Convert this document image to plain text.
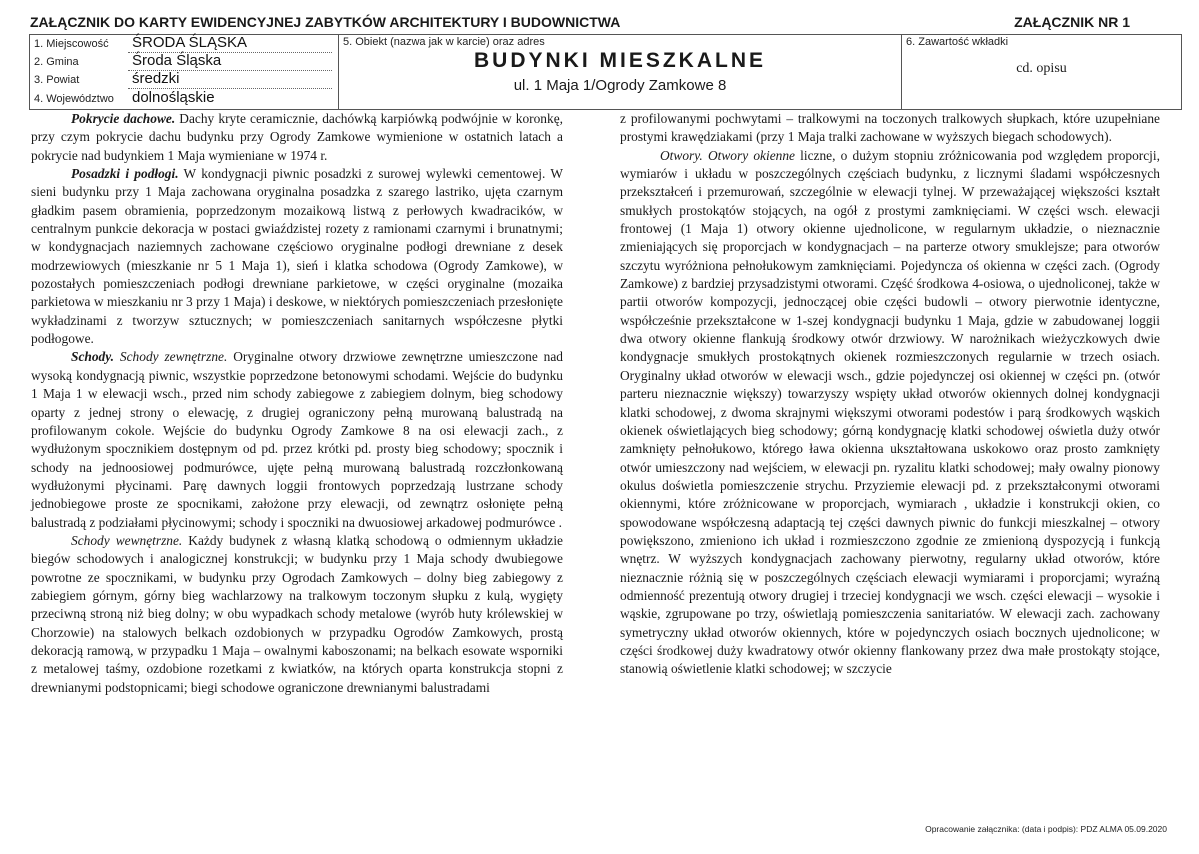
ZAŁĄCZNIK DO KARTY EWIDENCYJNEJ ZABYTKÓW ARCHITEKTURY I BUDOWNICTWA	ZAŁĄCZNIK NR 1
1. Miejscowość ŚRODA ŚLĄSKA
2. Gmina	Środa Śląska
3. Powiat	średzki
4. Województwo dolnośląskie
5. Obiekt (nazwa jak w karcie) oraz adres
BUDYNKI MIESZKALNE
ul. 1 Maja 1/Ogrody Zamkowe 8
6. Zawartość wkładki
cd. opisu

Pokrycie dachowe. Dachy kryte ceramicznie, dachówką karpiówką podwójnie w koronkę, przy czym pokrycie dachu budynku przy Ogrody Zamkowe wymienione w ostatnich latach a pokrycie nad budynkiem 1 Maja wymieniane w 1974 r.

Posadzki i podłogi. W kondygnacji piwnic posadzki z surowej wylewki cementowej. W sieni budynku przy 1 Maja zachowana oryginalna posadzka z szarego lastriko, ujęta czarnym gładkim pasem obramienia, poprzedzonym mozaikową listwą z perłowych kwadracików, w centralnym punkcie dekoracja w postaci gwiaździstej rozety z ramionami czarnymi i brunatnymi; w kondygnacjach naziemnych zachowane częściowo oryginalne podłogi drewniane z desek modrzewiowych (mieszkanie nr 5 1 Maja 1), sień i klatka schodowa (Ogrody Zamkowe), w pozostałych pomieszczeniach podłogi drewniane parkietowe, w części oryginalne (mozaika parkietowa w mieszkaniu nr 3 przy 1 Maja) i deskowe, w niektórych pomieszczeniach przesłonięte wykładzinami z tworzyw sztucznych; w pomieszczeniach sanitarnych współczesne płytki podłogowe.

Schody. Schody zewnętrzne. Oryginalne otwory drzwiowe zewnętrzne umieszczone nad wysoką kondygnacją piwnic, wszystkie poprzedzone betonowymi schodami. Wejście do budynku 1 Maja 1 w elewacji wsch., przed nim schody zabiegowe z zabiegiem dolnym, bieg schodowy oparty z jednej strony o elewację, z drugiej ograniczony pełną murowaną balustradą na profilowanym cokole. Wejście do budynku Ogrody Zamkowe 8 na osi elewacji zach., z wydłużonym spocznikiem dostępnym od pd. przez krótki pd. prosty bieg schodowy; spocznik i schody na jednoosiowej podmurówce, ujęte pełną murowaną balustradą rozczłonkowaną wydłużonymi płycinami. Parę dawnych loggii frontowych poprzedzają lustrzane schody jednobiegowe proste ze spocnikami, założone przy elewacji, od zewnątrz osłonięte pełną balustradą z podziałami płycinowymi; schody i spoczniki na dwuosiowej arkadowej podmurówce .

Schody wewnętrzne. Każdy budynek z własną klatką schodową o odmiennym układzie biegów schodowych i analogicznej konstrukcji; w budynku przy 1 Maja schody dwubiegowe powrotne ze spocznikami, w budynku przy Ogrodach Zamkowych – dolny bieg zabiegowy z zabiegiem górnym, górny bieg wachlarzowy na tralkowym toczonym słupku z kulą, wygięty przeciwną stroną niż bieg dolny; w obu wypadkach schody metalowe (wyrób huty królewskiej w Chorzowie) na stalowych belkach ozdobionych w przypadku Ogrodów Zamkowych, prostą dekoracją ramową, w przypadku 1 Maja – owalnymi kaboszonami; na belkach esowate wsporniki z metalowej taśmy, ozdobione rozetkami z kwiatków, na których oparta konstrukcja stopni z drewnianymi podstopnicami; biegi schodowe ograniczone drewnianymi balustradami

z profilowanymi pochwytami – tralkowymi na toczonych tralkowych słupkach, które uzupełniane prostymi krawędziakami (przy 1 Maja tralki zachowane w wyższych biegach schodowych).

Otwory. Otwory okienne liczne, o dużym stopniu zróżnicowania pod względem proporcji, wymiarów i układu w poszczególnych częściach budynku, z licznymi śladami współczesnych przekształceń i przemurowań, szczególnie w elewacji tylnej. W przeważającej większości kształt smukłych prostokątów stojących, na ogół z prostymi zamknięciami. W części wsch. elewacji frontowej (1 Maja 1) otwory okienne ujednolicone, w regularnym układzie, o nieznacznie zmieniających się proporcjach w kondygnacjach – na parterze otwory smuklejsze; para otworów szczytu wyróżniona pełnołukowym zamknięciami. Pojedyncza oś okienna w części zach. (Ogrody Zamkowe) z bardziej przysadzistymi otworami. Część środkowa 4-osiowa, o ujednoliconej, także w partii otworów kompozycji, jednoczącej obie części budowli – otwory pierwotnie identyczne, współcześnie przekształcone w 1-szej kondygnacji budynku 1 Maja, gdzie w zabudowanej loggii dwa otwory okienne flankują środkowy otwór drzwiowy. W narożnikach wieżyczkowych dwie kondygnacje smukłych prostokątnych okienek rozmieszczonych regularnie w trzech osiach. Oryginalny układ otworów w elewacji wsch., gdzie pojedynczej osi okiennej w części pn. (otwór parteru nieznacznie większy) towarzyszy wspięty układ otworów okiennych dolnej kondygnacji klatki schodowej, z dwoma skrajnymi większymi otworami podestów i parą środkowych wąskich okienek oświetlających bieg schodowy; górną kondygnację klatki schodowej oświetla duży otwór zamknięty pełnołukowo, którego ława okienna ukształtowana uskokowo oraz prosto zamknięty otwór umieszczony nad wejściem, w elewacji pn. ryzalitu klatki schodowej; mały owalny pionowy okulus doświetla pomieszczenie strychu. Przyziemie elewacji pd. z przekształconymi otworami okiennymi, które zróżnicowane w proporcjach, wymiarach , układzie i konstrukcji okien, co spowodowane współczesną adaptacją tej części dawnych piwnic do funkcji mieszkalnej – otwory powiększono, zmieniono ich układ i rozmieszczono zgodnie ze zmienioną dyspozycją i funkcją wnętrz. W wyższych kondygnacjach zachowany pierwotny, regularny układ otworów, które nieznacznie różnią się w poszczególnych częściach elewacji wymiarami i proporcjami; wyraźną odmienność prezentują otwory drugiej i trzeciej kondygnacji we wsch. części elewacji – wysokie i wąskie, zgrupowane po trzy, oświetlają pomieszczenia sanitariatów. W elewacji zach. zachowany symetryczny układ otworów okiennych, które w pojedynczych osiach bocznych ujednolicone; w części środkowej duży kwadratowy otwór okienny flankowany przez dwa małe prostokąty stojące, stanowią oświetlenie klatki schodowej; w szczycie

Opracowanie załącznika: (data i podpis): PDZ ALMA 05.09.2020
